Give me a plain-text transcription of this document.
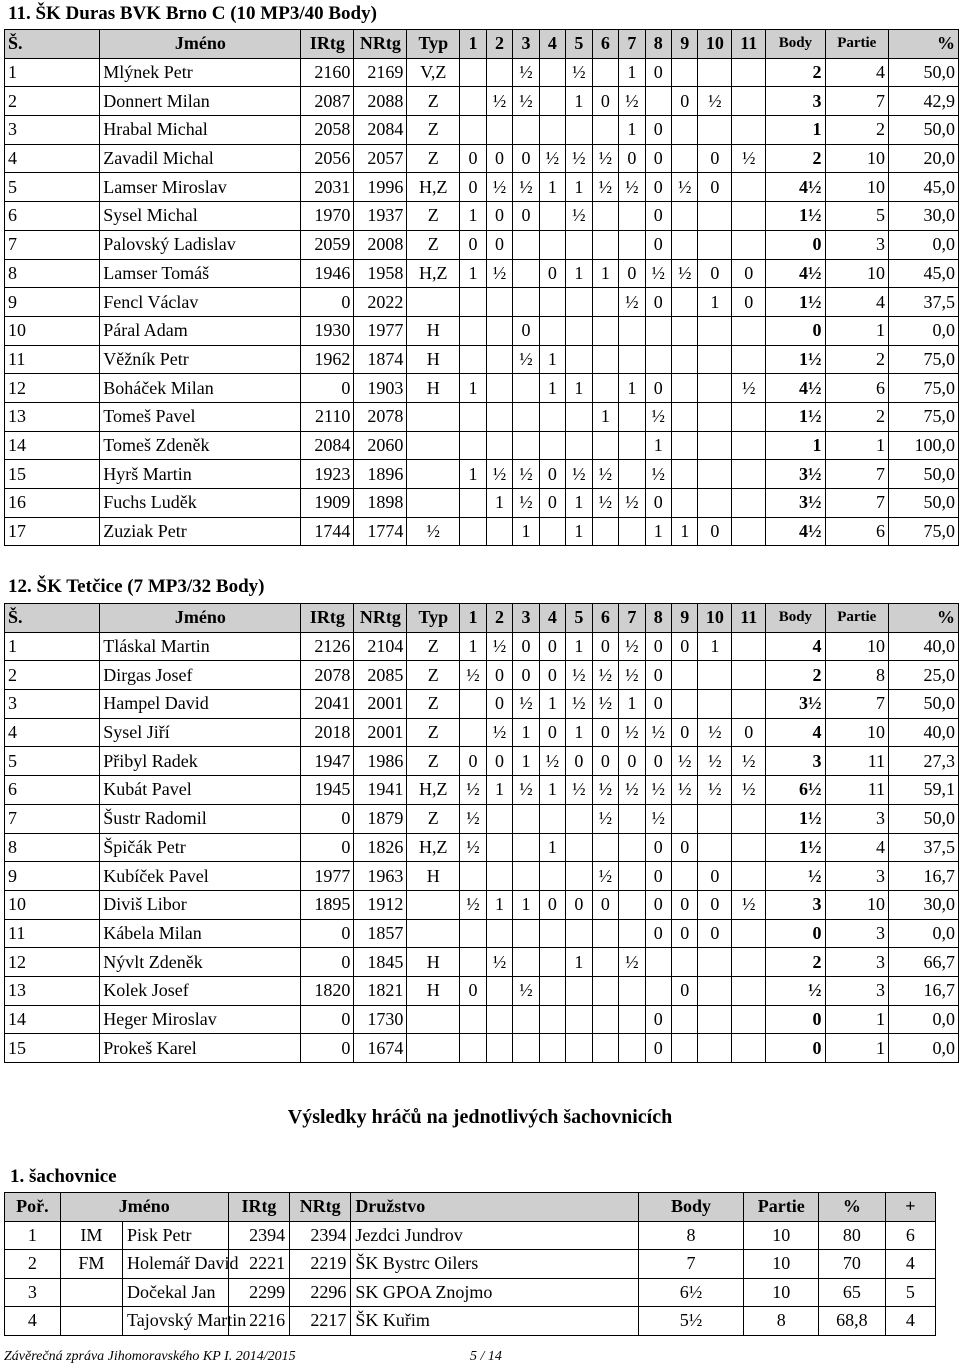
11. ŠK Duras BVK Brno C (10 MP3/40 Body)
Š.	Jméno	IRtg	NRtg	Typ	1	2	3	4	5	6	7	8	9	10	11	Body	Partie	%
1	Mlýnek Petr	2160	2169	V,Z			½		½		1	0				2	4	50,0
2	Donnert Milan	2087	2088	Z		½	½		1	0	½		0	½		3	7	42,9
3	Hrabal Michal	2058	2084	Z							1	0				1	2	50,0
4	Zavadil Michal	2056	2057	Z	0	0	0	½	½	½	0	0		0	½	2	10	20,0
5	Lamser Miroslav	2031	1996	H,Z	0	½	½	1	1	½	½	0	½	0		4½	10	45,0
6	Sysel Michal	1970	1937	Z	1	0	0		½			0				1½	5	30,0
7	Palovský Ladislav	2059	2008	Z	0	0						0				0	3	0,0
8	Lamser Tomáš	1946	1958	H,Z	1	½		0	1	1	0	½	½	0	0	4½	10	45,0
9	Fencl Václav	0	2022								½	0		1	0	1½	4	37,5
10	Páral Adam	1930	1977	H			0									0	1	0,0
11	Věžník Petr	1962	1874	H			½	1								1½	2	75,0
12	Boháček Milan	0	1903	H	1			1	1		1	0			½	4½	6	75,0
13	Tomeš Pavel	2110	2078							1		½				1½	2	75,0
14	Tomeš Zdeněk	2084	2060									1				1	1	100,0
15	Hyrš Martin	1923	1896		1	½	½	0	½	½		½				3½	7	50,0
16	Fuchs Luděk	1909	1898			1	½	0	1	½	½	0				3½	7	50,0
17	Zuziak Petr	1744	1774	½			1		1			1	1	0		4½	6	75,0
12. ŠK Tetčice (7 MP3/32 Body)
Š.	Jméno	IRtg	NRtg	Typ	1	2	3	4	5	6	7	8	9	10	11	Body	Partie	%
1	Tláskal Martin	2126	2104	Z	1	½	0	0	1	0	½	0	0	1		4	10	40,0
2	Dirgas Josef	2078	2085	Z	½	0	0	0	½	½	½	0				2	8	25,0
3	Hampel David	2041	2001	Z		0	½	1	½	½	1	0				3½	7	50,0
4	Sysel Jiří	2018	2001	Z		½	1	0	1	0	½	½	0	½	0	4	10	40,0
5	Přibyl Radek	1947	1986	Z	0	0	1	½	0	0	0	0	½	½	½	3	11	27,3
6	Kubát Pavel	1945	1941	H,Z	½	1	½	1	½	½	½	½	½	½	½	6½	11	59,1
7	Šustr Radomil	0	1879	Z	½					½		½				1½	3	50,0
8	Špičák Petr	0	1826	H,Z	½			1				0	0			1½	4	37,5
9	Kubíček Pavel	1977	1963	H						½		0		0		½	3	16,7
10	Diviš Libor	1895	1912		½	1	1	0	0	0		0	0	0	½	3	10	30,0
11	Kábela Milan	0	1857									0	0	0		0	3	0,0
12	Nývlt Zdeněk	0	1845	H		½			1		½					2	3	66,7
13	Kolek Josef	1820	1821	H	0		½						0			½	3	16,7
14	Heger Miroslav	0	1730									0				0	1	0,0
15	Prokeš Karel	0	1674									0				0	1	0,0
Výsledky hráčů na jednotlivých šachovnicích
1. šachovnice
Poř.	Jméno		IRtg	NRtg	Družstvo	Body	Partie	%	+
1	IM	Pisk Petr	2394	2394	Jezdci Jundrov	8	10	80	6
2	FM	Holemář David	2221	2219	ŠK Bystrc Oilers	7	10	70	4
3		Dočekal Jan	2299	2296	SK GPOA Znojmo	6½	10	65	5
4		Tajovský Martin	2216	2217	ŠK Kuřim	5½	8	68,8	4
Závěrečná zpráva Jihomoravského KP I. 2014/2015	5 / 14
